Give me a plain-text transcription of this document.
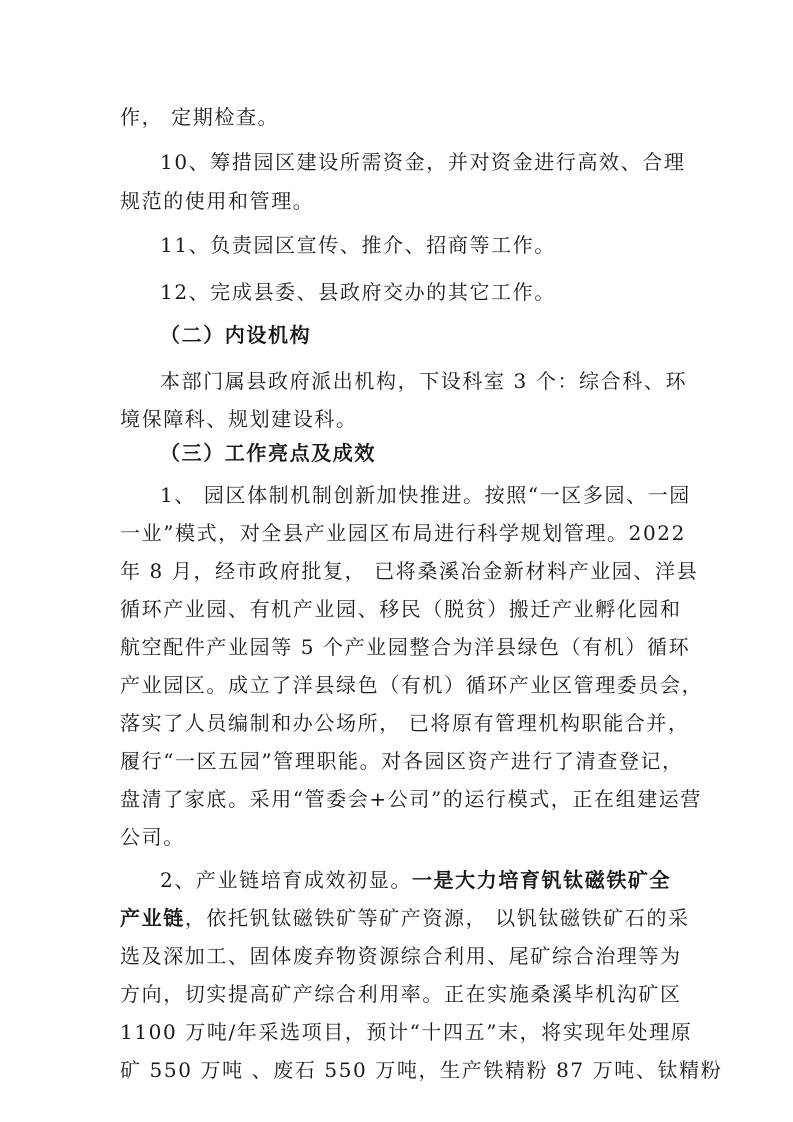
作， 定期检查。
10、筹措园区建设所需资金，并对资金进行高效、合理
规范的使用和管理。
11、负责园区宣传、推介、招商等工作。
12、完成县委、县政府交办的其它工作。
（二）内设机构
本部门属县政府派出机构，下设科室 3 个：综合科、环
境保障科、规划建设科。
（三）工作亮点及成效
1、 园区体制机制创新加快推进。按照“一区多园、一园
一业”模式，对全县产业园区布局进行科学规划管理。2022
年 8 月，经市政府批复， 已将桑溪冶金新材料产业园、洋县
循环产业园、有机产业园、移民（脱贫）搬迁产业孵化园和
航空配件产业园等 5 个产业园整合为洋县绿色（有机）循环
产业园区。成立了洋县绿色（有机）循环产业区管理委员会，
落实了人员编制和办公场所， 已将原有管理机构职能合并，
履行“一区五园”管理职能。对各园区资产进行了清查登记，
盘清了家底。采用“管委会+公司”的运行模式，正在组建运营
公司。
2、产业链培育成效初显。一是大力培育钒钛磁铁矿全
产业链，依托钒钛磁铁矿等矿产资源， 以钒钛磁铁矿石的采
选及深加工、固体废弃物资源综合利用、尾矿综合治理等为
方向，切实提高矿产综合利用率。正在实施桑溪毕机沟矿区
1100 万吨/年采选项目，预计“十四五”末，将实现年处理原
矿 550 万吨 、废石 550 万吨，生产铁精粉 87 万吨、钛精粉
